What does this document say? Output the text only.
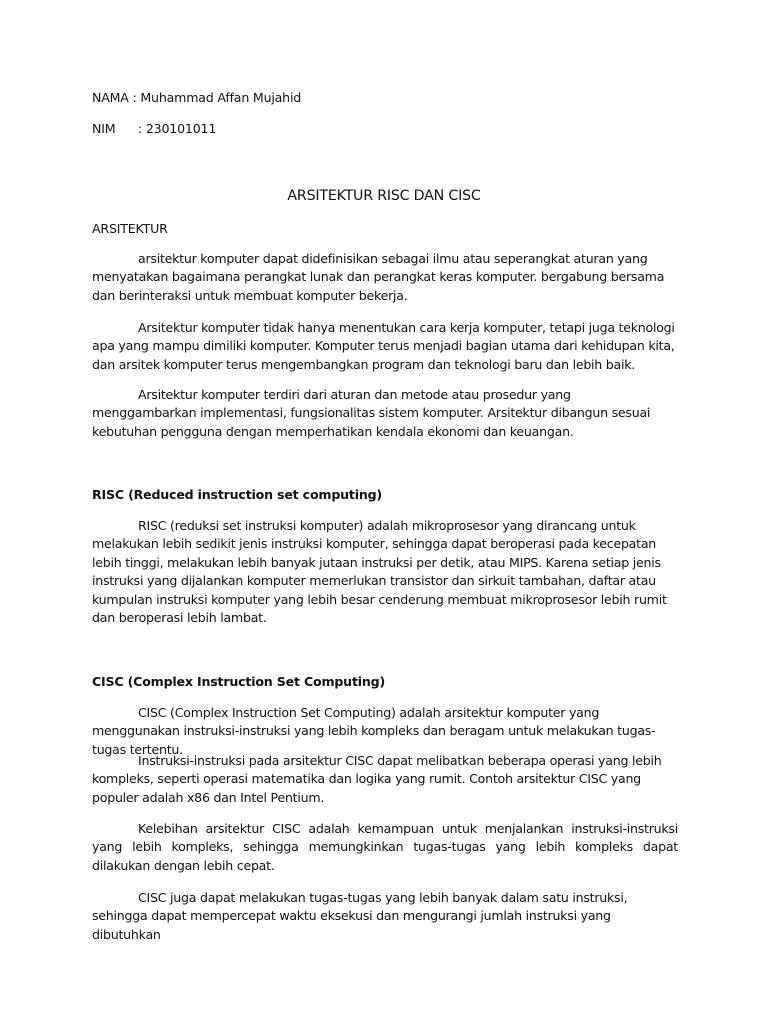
NAMA : Muhammad Affan Mujahid
NIM : 230101011
ARSITEKTUR RISC DAN CISC
ARSITEKTUR

arsitektur komputer dapat didefinisikan sebagai ilmu atau seperangkat aturan yang menyatakan bagaimana perangkat lunak dan perangkat keras komputer. bergabung bersama dan berinteraksi untuk membuat komputer bekerja.

Arsitektur komputer tidak hanya menentukan cara kerja komputer, tetapi juga teknologi apa yang mampu dimiliki komputer. Komputer terus menjadi bagian utama dari kehidupan kita, dan arsitek komputer terus mengembangkan program dan teknologi baru dan lebih baik.

Arsitektur komputer terdiri dari aturan dan metode atau prosedur yang menggambarkan implementasi, fungsionalitas sistem komputer. Arsitektur dibangun sesuai kebutuhan pengguna dengan memperhatikan kendala ekonomi dan keuangan.

RISC (Reduced instruction set computing)

RISC (reduksi set instruksi komputer) adalah mikroprosesor yang dirancang untuk melakukan lebih sedikit jenis instruksi komputer, sehingga dapat beroperasi pada kecepatan lebih tinggi, melakukan lebih banyak jutaan instruksi per detik, atau MIPS. Karena setiap jenis instruksi yang dijalankan komputer memerlukan transistor dan sirkuit tambahan, daftar atau kumpulan instruksi komputer yang lebih besar cenderung membuat mikroprosesor lebih rumit dan beroperasi lebih lambat.

CISC (Complex Instruction Set Computing)

CISC (Complex Instruction Set Computing) adalah arsitektur komputer yang menggunakan instruksi-instruksi yang lebih kompleks dan beragam untuk melakukan tugas-tugas tertentu.

Instruksi-instruksi pada arsitektur CISC dapat melibatkan beberapa operasi yang lebih kompleks, seperti operasi matematika dan logika yang rumit. Contoh arsitektur CISC yang populer adalah x86 dan Intel Pentium.

Kelebihan arsitektur CISC adalah kemampuan untuk menjalankan instruksi-instruksi yang lebih kompleks, sehingga memungkinkan tugas-tugas yang lebih kompleks dapat dilakukan dengan lebih cepat.

CISC juga dapat melakukan tugas-tugas yang lebih banyak dalam satu instruksi, sehingga dapat mempercepat waktu eksekusi dan mengurangi jumlah instruksi yang dibutuhkan
